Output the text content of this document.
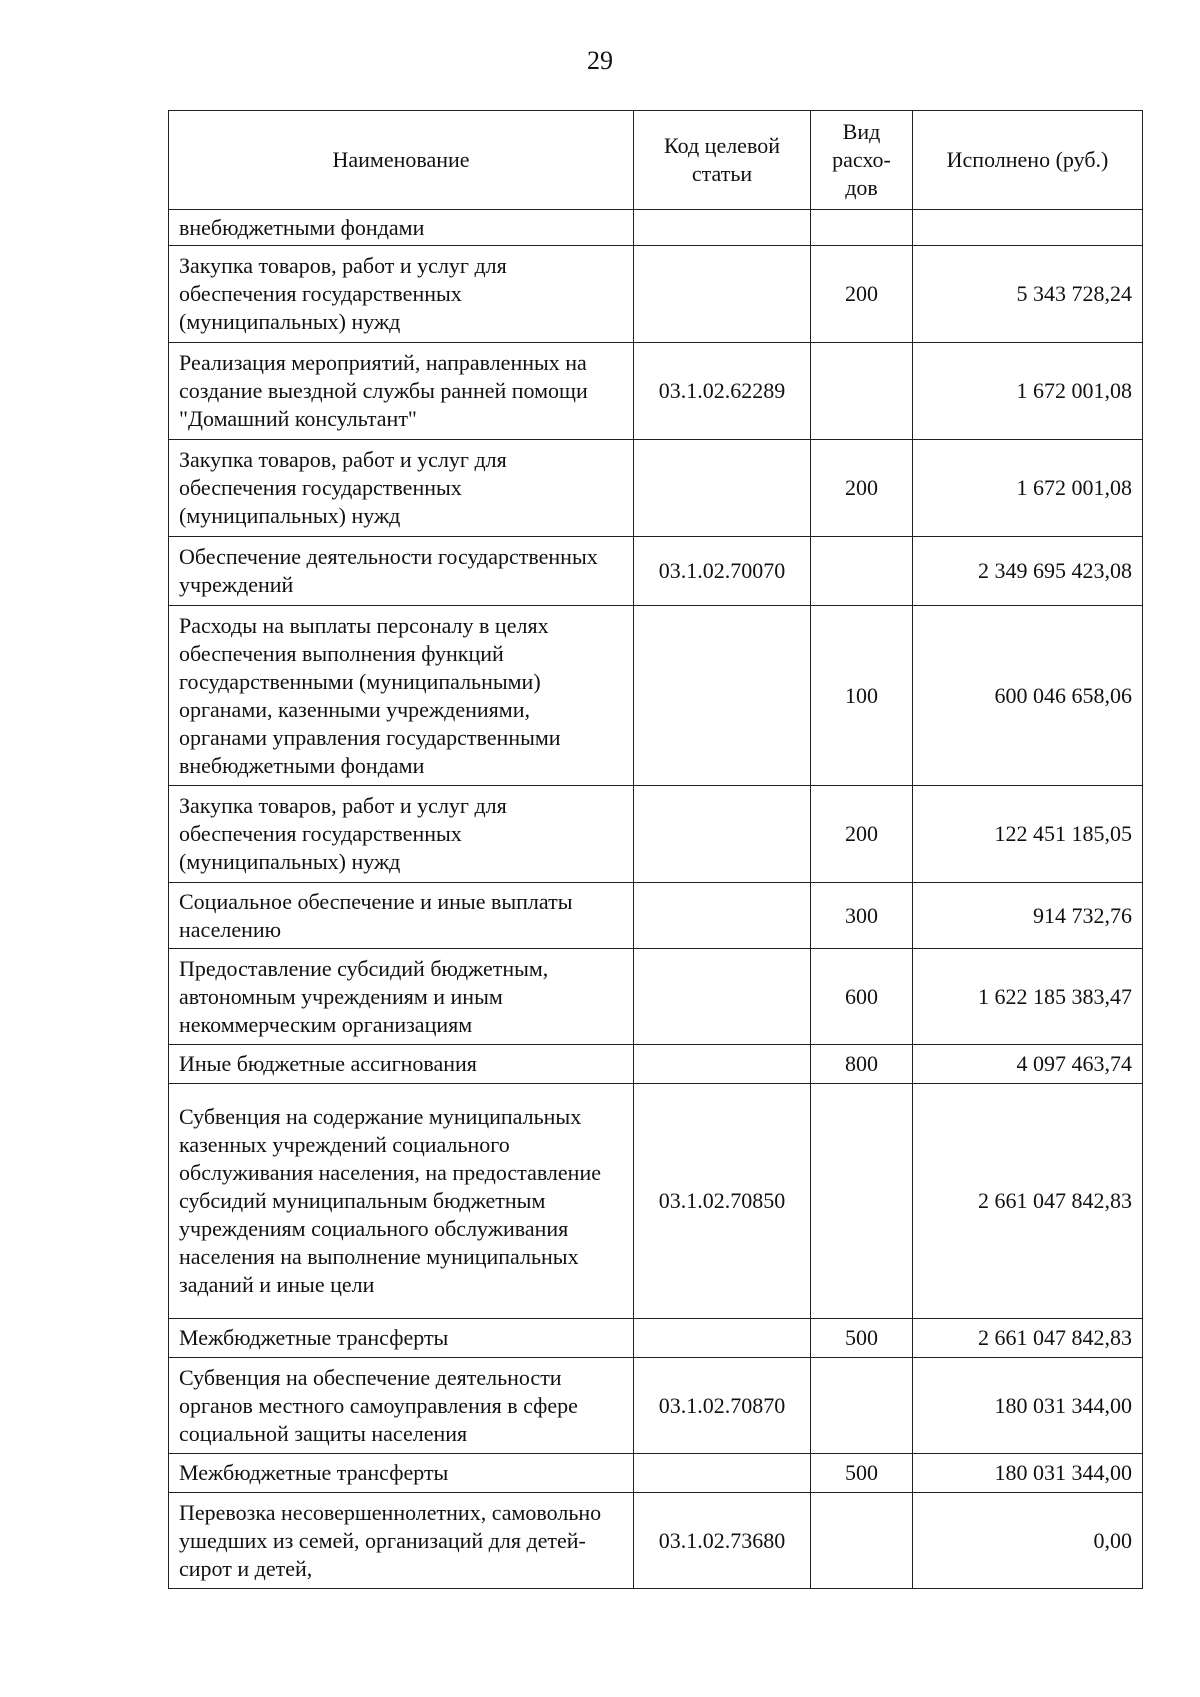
29
Наименование	Код целевой статьи	Вид расхо-дов	Исполнено (руб.)
внебюджетными фондами			
Закупка товаров, работ и услуг для обеспечения государственных (муниципальных) нужд		200	5 343 728,24
Реализация мероприятий, направленных на создание выездной службы ранней помощи "Домашний консультант"	03.1.02.62289		1 672 001,08
Закупка товаров, работ и услуг для обеспечения государственных (муниципальных) нужд		200	1 672 001,08
Обеспечение деятельности государственных учреждений	03.1.02.70070		2 349 695 423,08
Расходы на выплаты персоналу в целях обеспечения выполнения функций государственными (муниципальными) органами, казенными учреждениями, органами управления государственными внебюджетными фондами		100	600 046 658,06
Закупка товаров, работ и услуг для обеспечения государственных (муниципальных) нужд		200	122 451 185,05
Социальное обеспечение и иные выплаты населению		300	914 732,76
Предоставление субсидий бюджетным, автономным учреждениям и иным некоммерческим организациям		600	1 622 185 383,47
Иные бюджетные ассигнования		800	4 097 463,74
Субвенция на содержание муниципальных казенных учреждений социального обслуживания населения, на предоставление субсидий муниципальным бюджетным учреждениям социального обслуживания населения на выполнение муниципальных заданий и иные цели	03.1.02.70850		2 661 047 842,83
Межбюджетные трансферты		500	2 661 047 842,83
Субвенция на обеспечение деятельности органов местного самоуправления в сфере социальной защиты населения	03.1.02.70870		180 031 344,00
Межбюджетные трансферты		500	180 031 344,00
Перевозка несовершеннолетних, самовольно ушедших из семей, организаций для детей-сирот и детей,	03.1.02.73680		0,00
